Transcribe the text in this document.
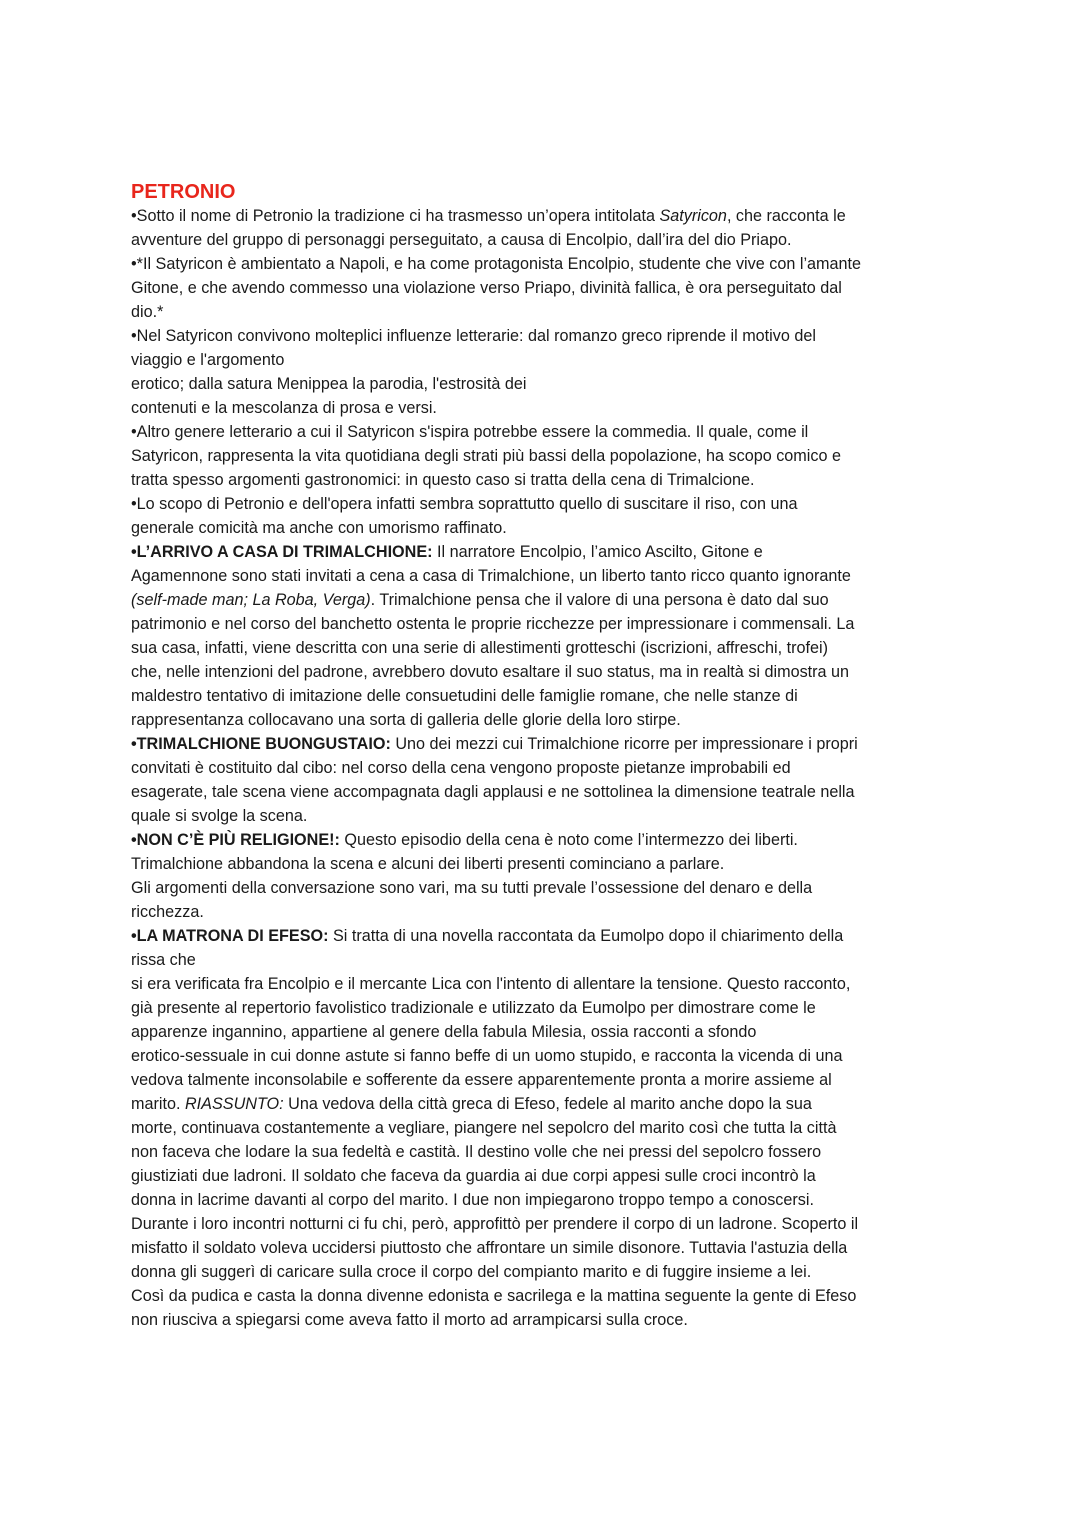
PETRONIO
•Sotto il nome di Petronio la tradizione ci ha trasmesso un’opera intitolata Satyricon, che racconta le
avventure del gruppo di personaggi perseguitato, a causa di Encolpio, dall’ira del dio Priapo.
•*Il Satyricon è ambientato a Napoli, e ha come protagonista Encolpio, studente che vive con l’amante
Gitone, e che avendo commesso una violazione verso Priapo, divinità fallica, è ora perseguitato dal
dio.*
•Nel Satyricon convivono molteplici influenze letterarie: dal romanzo greco riprende il motivo del
viaggio e l'argomento
erotico; dalla satura Menippea la parodia, l'estrosità dei
contenuti e la mescolanza di prosa e versi.
•Altro genere letterario a cui il Satyricon s'ispira potrebbe essere la commedia. Il quale, come il
Satyricon, rappresenta la vita quotidiana degli strati più bassi della popolazione, ha scopo comico e
tratta spesso argomenti gastronomici: in questo caso si tratta della cena di Trimalcione.
•Lo scopo di Petronio e dell'opera infatti sembra soprattutto quello di suscitare il riso, con una
generale comicità ma anche con umorismo raffinato.
•L’ARRIVO A CASA DI TRIMALCHIONE: Il narratore Encolpio, l’amico Ascilto, Gitone e
Agamennone sono stati invitati a cena a casa di Trimalchione, un liberto tanto ricco quanto ignorante
(self-made man; La Roba, Verga). Trimalchione pensa che il valore di una persona è dato dal suo
patrimonio e nel corso del banchetto ostenta le proprie ricchezze per impressionare i commensali. La
sua casa, infatti, viene descritta con una serie di allestimenti grotteschi (iscrizioni, affreschi, trofei)
che, nelle intenzioni del padrone, avrebbero dovuto esaltare il suo status, ma in realtà si dimostra un
maldestro tentativo di imitazione delle consuetudini delle famiglie romane, che nelle stanze di
rappresentanza collocavano una sorta di galleria delle glorie della loro stirpe.
•TRIMALCHIONE BUONGUSTAIO: Uno dei mezzi cui Trimalchione ricorre per impressionare i propri
convitati è costituito dal cibo: nel corso della cena vengono proposte pietanze improbabili ed
esagerate, tale scena viene accompagnata dagli applausi e ne sottolinea la dimensione teatrale nella
quale si svolge la scena.
•NON C’È PIÙ RELIGIONE!: Questo episodio della cena è noto come l’intermezzo dei liberti.
Trimalchione abbandona la scena e alcuni dei liberti presenti cominciano a parlare.
Gli argomenti della conversazione sono vari, ma su tutti prevale l’ossessione del denaro e della
ricchezza.
•LA MATRONA DI EFESO: Si tratta di una novella raccontata da Eumolpo dopo il chiarimento della
rissa che
si era verificata fra Encolpio e il mercante Lica con l'intento di allentare la tensione. Questo racconto,
già presente al repertorio favolistico tradizionale e utilizzato da Eumolpo per dimostrare come le
apparenze ingannino, appartiene al genere della fabula Milesia, ossia racconti a sfondo
erotico-sessuale in cui donne astute si fanno beffe di un uomo stupido, e racconta la vicenda di una
vedova talmente inconsolabile e sofferente da essere apparentemente pronta a morire assieme al
marito. RIASSUNTO: Una vedova della città greca di Efeso, fedele al marito anche dopo la sua
morte, continuava costantemente a vegliare, piangere nel sepolcro del marito così che tutta la città
non faceva che lodare la sua fedeltà e castità. Il destino volle che nei pressi del sepolcro fossero
giustiziati due ladroni. Il soldato che faceva da guardia ai due corpi appesi sulle croci incontrò la
donna in lacrime davanti al corpo del marito. I due non impiegarono troppo tempo a conoscersi.
Durante i loro incontri notturni ci fu chi, però, approfittò per prendere il corpo di un ladrone. Scoperto il
misfatto il soldato voleva uccidersi piuttosto che affrontare un simile disonore. Tuttavia l'astuzia della
donna gli suggerì di caricare sulla croce il corpo del compianto marito e di fuggire insieme a lei.
Così da pudica e casta la donna divenne edonista e sacrilega e la mattina seguente la gente di Efeso
non riusciva a spiegarsi come aveva fatto il morto ad arrampicarsi sulla croce.
